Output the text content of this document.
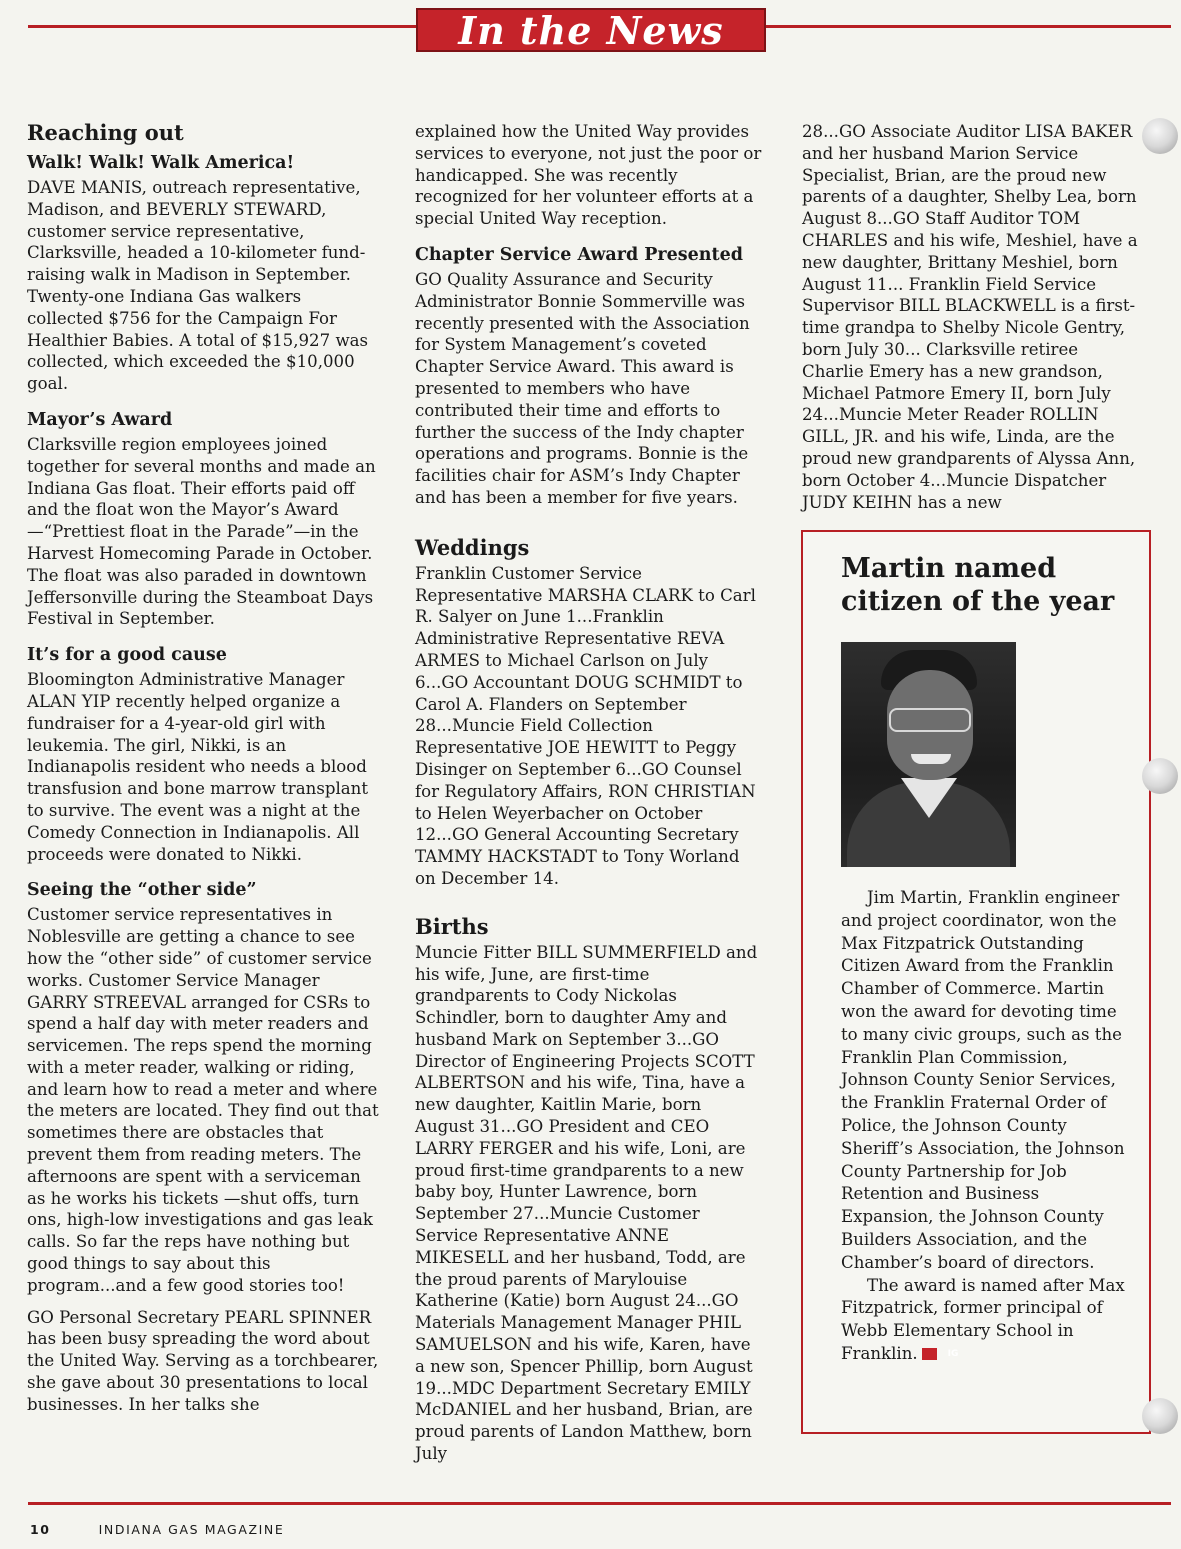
In the News
Reaching out
Walk! Walk! Walk America!

DAVE MANIS, outreach representative, Madison, and BEVERLY STEWARD, customer service representative, Clarksville, headed a 10-kilometer fund-raising walk in Madison in September. Twenty-one Indiana Gas walkers collected $756 for the Campaign For Healthier Babies. A total of $15,927 was collected, which exceeded the $10,000 goal.

Mayor’s Award

Clarksville region employees joined together for several months and made an Indiana Gas float. Their efforts paid off and the float won the Mayor’s Award—“Prettiest float in the Parade”—in the Harvest Homecoming Parade in October. The float was also paraded in downtown Jeffersonville during the Steamboat Days Festival in September.

It’s for a good cause

Bloomington Administrative Manager ALAN YIP recently helped organize a fundraiser for a 4-year-old girl with leukemia. The girl, Nikki, is an Indianapolis resident who needs a blood transfusion and bone marrow transplant to survive. The event was a night at the Comedy Connection in Indianapolis. All proceeds were donated to Nikki.

Seeing the “other side”

Customer service representatives in Noblesville are getting a chance to see how the “other side” of customer service works. Customer Service Manager GARRY STREEVAL arranged for CSRs to spend a half day with meter readers and servicemen. The reps spend the morning with a meter reader, walking or riding, and learn how to read a meter and where the meters are located. They find out that sometimes there are obstacles that prevent them from reading meters. The afternoons are spent with a serviceman as he works his tickets —shut offs, turn ons, high-low investigations and gas leak calls. So far the reps have nothing but good things to say about this program...and a few good stories too!

GO Personal Secretary PEARL SPINNER has been busy spreading the word about the United Way. Serving as a torchbearer, she gave about 30 presentations to local businesses. In her talks she

explained how the United Way provides services to everyone, not just the poor or handicapped. She was recently recognized for her volunteer efforts at a special United Way reception.

Chapter Service Award Presented

GO Quality Assurance and Security Administrator Bonnie Sommerville was recently presented with the Association for System Management’s coveted Chapter Service Award. This award is presented to members who have contributed their time and efforts to further the success of the Indy chapter operations and programs. Bonnie is the facilities chair for ASM’s Indy Chapter and has been a member for five years.

Weddings

Franklin Customer Service Representative MARSHA CLARK to Carl R. Salyer on June 1...Franklin Administrative Representative REVA ARMES to Michael Carlson on July 6...GO Accountant DOUG SCHMIDT to Carol A. Flanders on September 28...Muncie Field Collection Representative JOE HEWITT to Peggy Disinger on September 6...GO Counsel for Regulatory Affairs, RON CHRISTIAN to Helen Weyerbacher on October 12...GO General Accounting Secretary TAMMY HACKSTADT to Tony Worland on December 14.

Births

Muncie Fitter BILL SUMMERFIELD and his wife, June, are first-time grandparents to Cody Nickolas Schindler, born to daughter Amy and husband Mark on September 3...GO Director of Engineering Projects SCOTT ALBERTSON and his wife, Tina, have a new daughter, Kaitlin Marie, born August 31...GO President and CEO LARRY FERGER and his wife, Loni, are proud first-time grandparents to a new baby boy, Hunter Lawrence, born September 27...Muncie Customer Service Representative ANNE MIKESELL and her husband, Todd, are the proud parents of Marylouise Katherine (Katie) born August 24...GO Materials Management Manager PHIL SAMUELSON and his wife, Karen, have a new son, Spencer Phillip, born August 19...MDC Department Secretary EMILY McDANIEL and her husband, Brian, are proud parents of Landon Matthew, born July

28...GO Associate Auditor LISA BAKER and her husband Marion Service Specialist, Brian, are the proud new parents of a daughter, Shelby Lea, born August 8...GO Staff Auditor TOM CHARLES and his wife, Meshiel, have a new daughter, Brittany Meshiel, born August 11... Franklin Field Service Supervisor BILL BLACKWELL is a first-time grandpa to Shelby Nicole Gentry, born July 30... Clarksville retiree Charlie Emery has a new grandson, Michael Patmore Emery II, born July 24...Muncie Meter Reader ROLLIN GILL, JR. and his wife, Linda, are the proud new grandparents of Alyssa Ann, born October 4...Muncie Dispatcher JUDY KEIHN has a new

Martin named citizen of the year

Jim Martin, Franklin engineer and project coordinator, won the Max Fitzpatrick Outstanding Citizen Award from the Franklin Chamber of Commerce. Martin won the award for devoting time to many civic groups, such as the Franklin Plan Commission, Johnson County Senior Services, the Franklin Fraternal Order of Police, the Johnson County Sheriff’s Association, the Johnson County Partnership for Job Retention and Business Expansion, the Johnson County Builders Association, and the Chamber’s board of directors.

The award is named after Max Fitzpatrick, former principal of Webb Elementary School in Franklin.	IG

10	INDIANA GAS MAGAZINE
